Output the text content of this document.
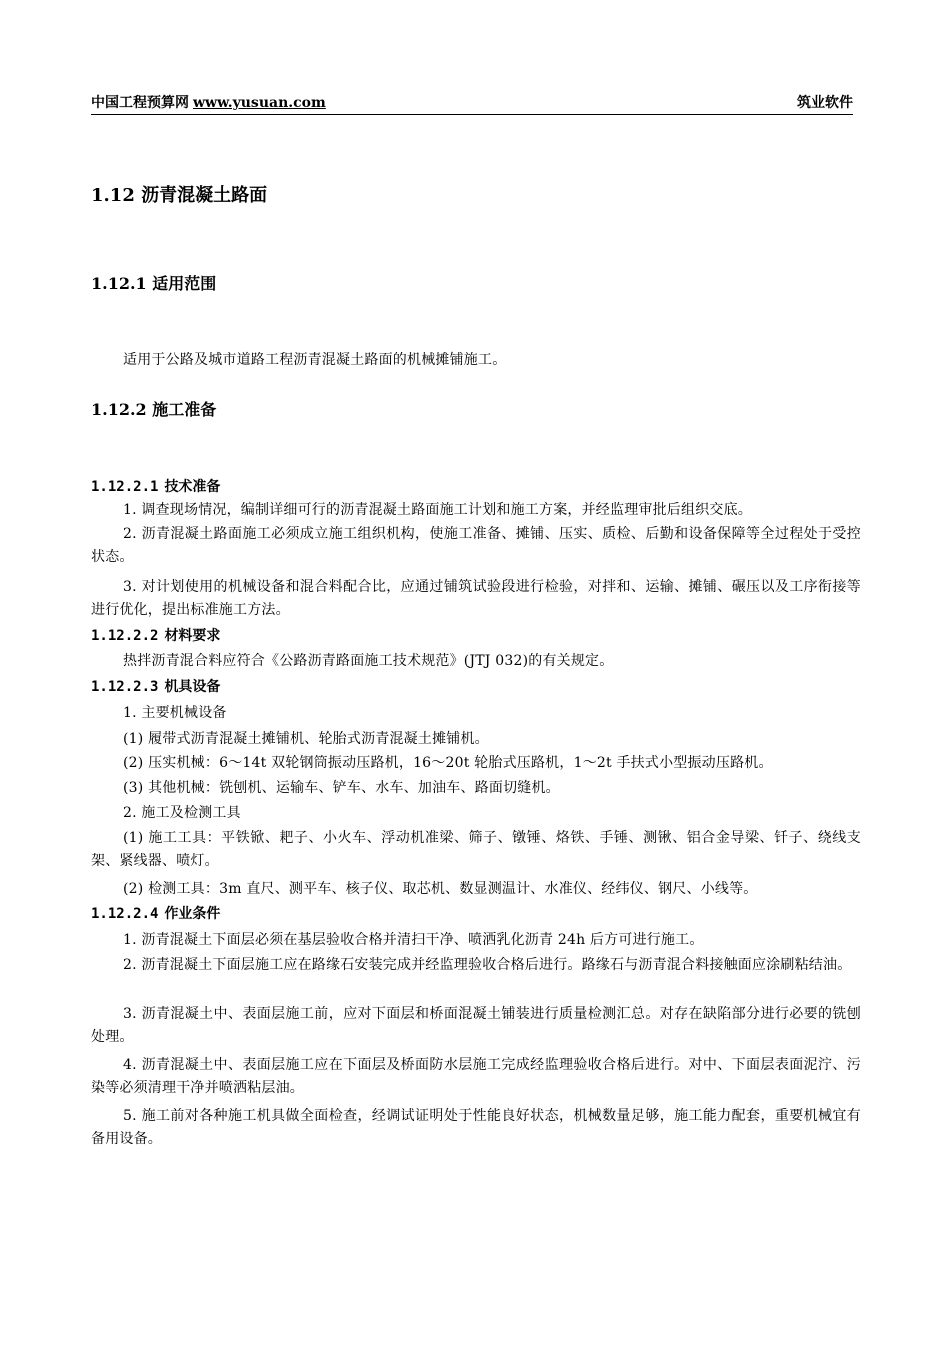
中国工程预算网 www.yusuan.com	筑业软件
1.12 沥青混凝土路面
1.12.1 适用范围
适用于公路及城市道路工程沥青混凝土路面的机械摊铺施工。
1.12.2 施工准备
1.12.2.1 技术准备
1. 调查现场情况，编制详细可行的沥青混凝土路面施工计划和施工方案，并经监理审批后组织交底。
2. 沥青混凝土路面施工必须成立施工组织机构，使施工准备、摊铺、压实、质检、后勤和设备保障等全过程处于受控状态。
3. 对计划使用的机械设备和混合料配合比，应通过铺筑试验段进行检验，对拌和、运输、摊铺、碾压以及工序衔接等进行优化，提出标准施工方法。
1.12.2.2 材料要求
热拌沥青混合料应符合《公路沥青路面施工技术规范》(JTJ 032)的有关规定。
1.12.2.3 机具设备
1. 主要机械设备
(1) 履带式沥青混凝土摊铺机、轮胎式沥青混凝土摊铺机。
(2) 压实机械：6～14t 双轮钢筒振动压路机，16～20t 轮胎式压路机，1～2t 手扶式小型振动压路机。
(3) 其他机械：铣刨机、运输车、铲车、水车、加油车、路面切缝机。
2. 施工及检测工具
(1) 施工工具：平铁锨、耙子、小火车、浮动机准梁、筛子、镦锤、烙铁、手锤、测锹、铝合金导梁、钎子、绕线支架、紧线器、喷灯。
(2) 检测工具：3m 直尺、测平车、核子仪、取芯机、数显测温计、水准仪、经纬仪、钢尺、小线等。
1.12.2.4 作业条件
1. 沥青混凝土下面层必须在基层验收合格并清扫干净、喷洒乳化沥青 24h 后方可进行施工。
2. 沥青混凝土下面层施工应在路缘石安装完成并经监理验收合格后进行。路缘石与沥青混合料接触面应涂刷粘结油。
3. 沥青混凝土中、表面层施工前，应对下面层和桥面混凝土铺装进行质量检测汇总。对存在缺陷部分进行必要的铣刨处理。
4. 沥青混凝土中、表面层施工应在下面层及桥面防水层施工完成经监理验收合格后进行。对中、下面层表面泥泞、污染等必须清理干净并喷洒粘层油。
5. 施工前对各种施工机具做全面检查，经调试证明处于性能良好状态，机械数量足够，施工能力配套，重要机械宜有备用设备。
